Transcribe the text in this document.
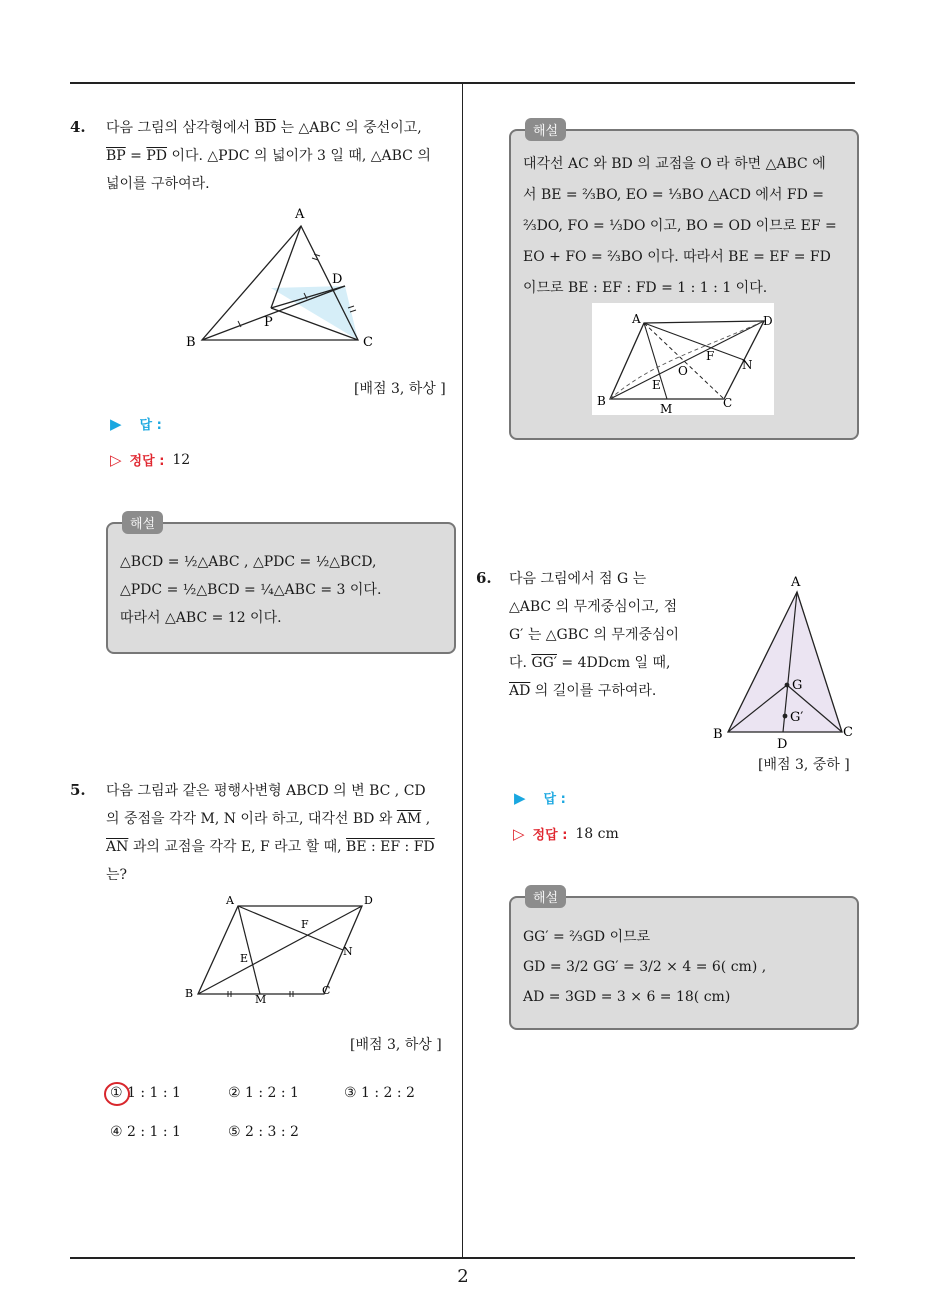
4. 다음 그림의 삼각형에서 $\overline{BD}$ 는 △ABC 의 중선이고,
$\overline{BP} = \overline{PD}$ 이다. △PDC 의 넓이가 3 일 때, △ABC 의
넓이를 구하여라.
A
B	C
D
P
[배점 3, 하상 ]
▶ 답 :
▷ 정답 : 12
해설
△BCD = ½△ABC , △PDC = ½△BCD,
△PDC = ½△BCD = ¼△ABC = 3 이다.
따라서 △ABC = 12 이다.
5. 다음 그림과 같은 평행사변형 ABCD 의 변 BC , CD
의 중점을 각각 M, N 이라 하고, 대각선 BD 와 $\overline{AM}$ ,
$\overline{AN}$ 과의 교점을 각각 E, F 라고 할 때, BE : EF : FD
는?
A	D
B	C
E
F
M
N
[배점 3, 하상 ]
① 1 : 1 : 1	② 1 : 2 : 1	③ 1 : 2 : 2
④ 2 : 1 : 1	⑤ 2 : 3 : 2
해설
대각선 AC 와 BD 의 교점을 O 라 하면 △ABC 에
서 BE = ⅔BO, EO = ⅓BO △ACD 에서 FD =
⅔DO, FO = ⅓DO 이고, BO = OD 이므로 EF =
EO + FO = ⅔BO 이다. 따라서 BE = EF = FD
이므로 BE : EF : FD = 1 : 1 : 1 이다.
A	D
B	C
E
F
O
M
N
6. 다음 그림에서 점 G 는
△ABC 의 무게중심이고, 점
G′ 는 △GBC 의 무게중심이
다. GG′ = 4DDcm 일 때,
$\overline{AD}$ 의 길이를 구하여라.
A
B	C
D
G
G′
[배점 3, 중하 ]
▶ 답 :
▷ 정답 : 18 cm
해설
GG′ = ⅔GD 이므로
GD = 3/2 GG′ = 3/2 × 4 = 6( cm) ,
AD = 3GD = 3 × 6 = 18( cm)
2
